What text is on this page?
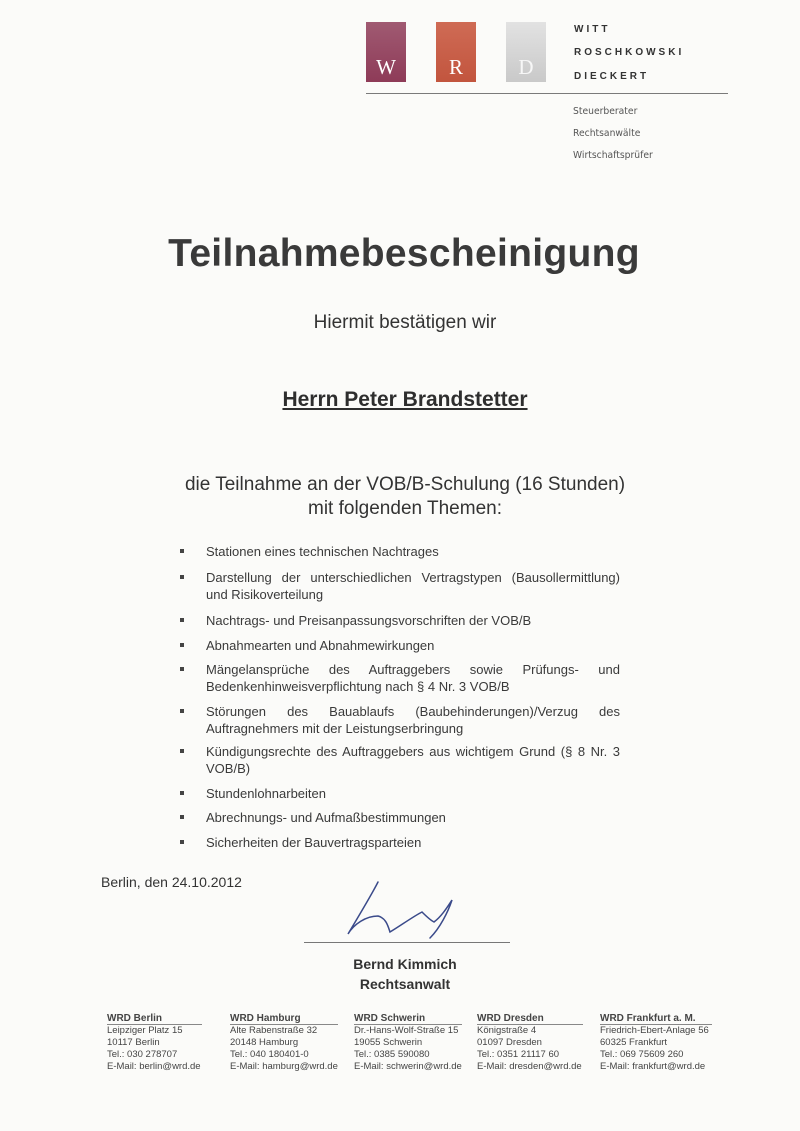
W	R	D
WITT
ROSCHKOWSKI
DIECKERT
Steuerberater
Rechtsanwälte
Wirtschaftsprüfer
Teilnahmebescheinigung
Hiermit bestätigen wir
Herrn Peter Brandstetter
die Teilnahme an der VOB/B-Schulung (16 Stunden)
mit folgenden Themen:
Stationen eines technischen Nachtrages
Darstellung der unterschiedlichen Vertragstypen (Bausollermittlung) und Risikoverteilung
Nachtrags- und Preisanpassungsvorschriften der VOB/B
Abnahmearten und Abnahmewirkungen
Mängelansprüche des Auftraggebers sowie Prüfungs- und Bedenkenhinweisverpflichtung nach § 4 Nr. 3 VOB/B
Störungen des Bauablaufs (Baubehinderungen)/Verzug des Auftragnehmers mit der Leistungserbringung
Kündigungsrechte des Auftraggebers aus wichtigem Grund (§ 8 Nr. 3 VOB/B)
Stundenlohnarbeiten
Abrechnungs- und Aufmaßbestimmungen
Sicherheiten der Bauvertragsparteien
Berlin, den 24.10.2012
Bernd Kimmich
Rechtsanwalt
WRD Berlin
Leipziger Platz 15
10117 Berlin
Tel.: 030 278707
E-Mail: berlin@wrd.de
WRD Hamburg
Alte Rabenstraße 32
20148 Hamburg
Tel.: 040 180401-0
E-Mail: hamburg@wrd.de
WRD Schwerin
Dr.-Hans-Wolf-Straße 15
19055 Schwerin
Tel.: 0385 590080
E-Mail: schwerin@wrd.de
WRD Dresden
Königstraße 4
01097 Dresden
Tel.: 0351 21117 60
E-Mail: dresden@wrd.de
WRD Frankfurt a. M.
Friedrich-Ebert-Anlage 56
60325 Frankfurt
Tel.: 069 75609 260
E-Mail: frankfurt@wrd.de
